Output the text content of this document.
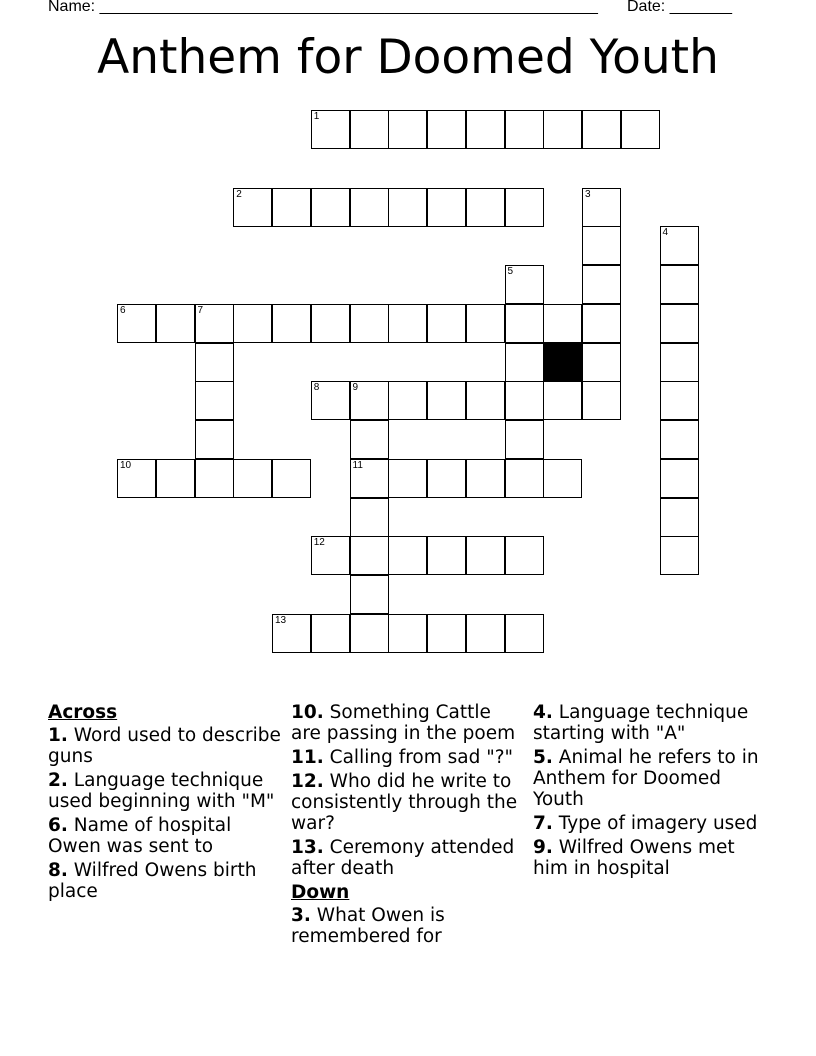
Name: ________________________________________________________ Date: _______
Anthem for Doomed Youth
1
2
6	7
8	9
10	11
12
13
3
4
5
Across
1. Word used to describe guns
2. Language technique used beginning with "M"
6. Name of hospital Owen was sent to
8. Wilfred Owens birth place
10. Something Cattle are passing in the poem
11. Calling from sad "?"
12. Who did he write to consistently through the war?
13. Ceremony attended after death
Down
3. What Owen is remembered for
4. Language technique starting with "A"
5. Animal he refers to in Anthem for Doomed Youth
7. Type of imagery used
9. Wilfred Owens met him in hospital
